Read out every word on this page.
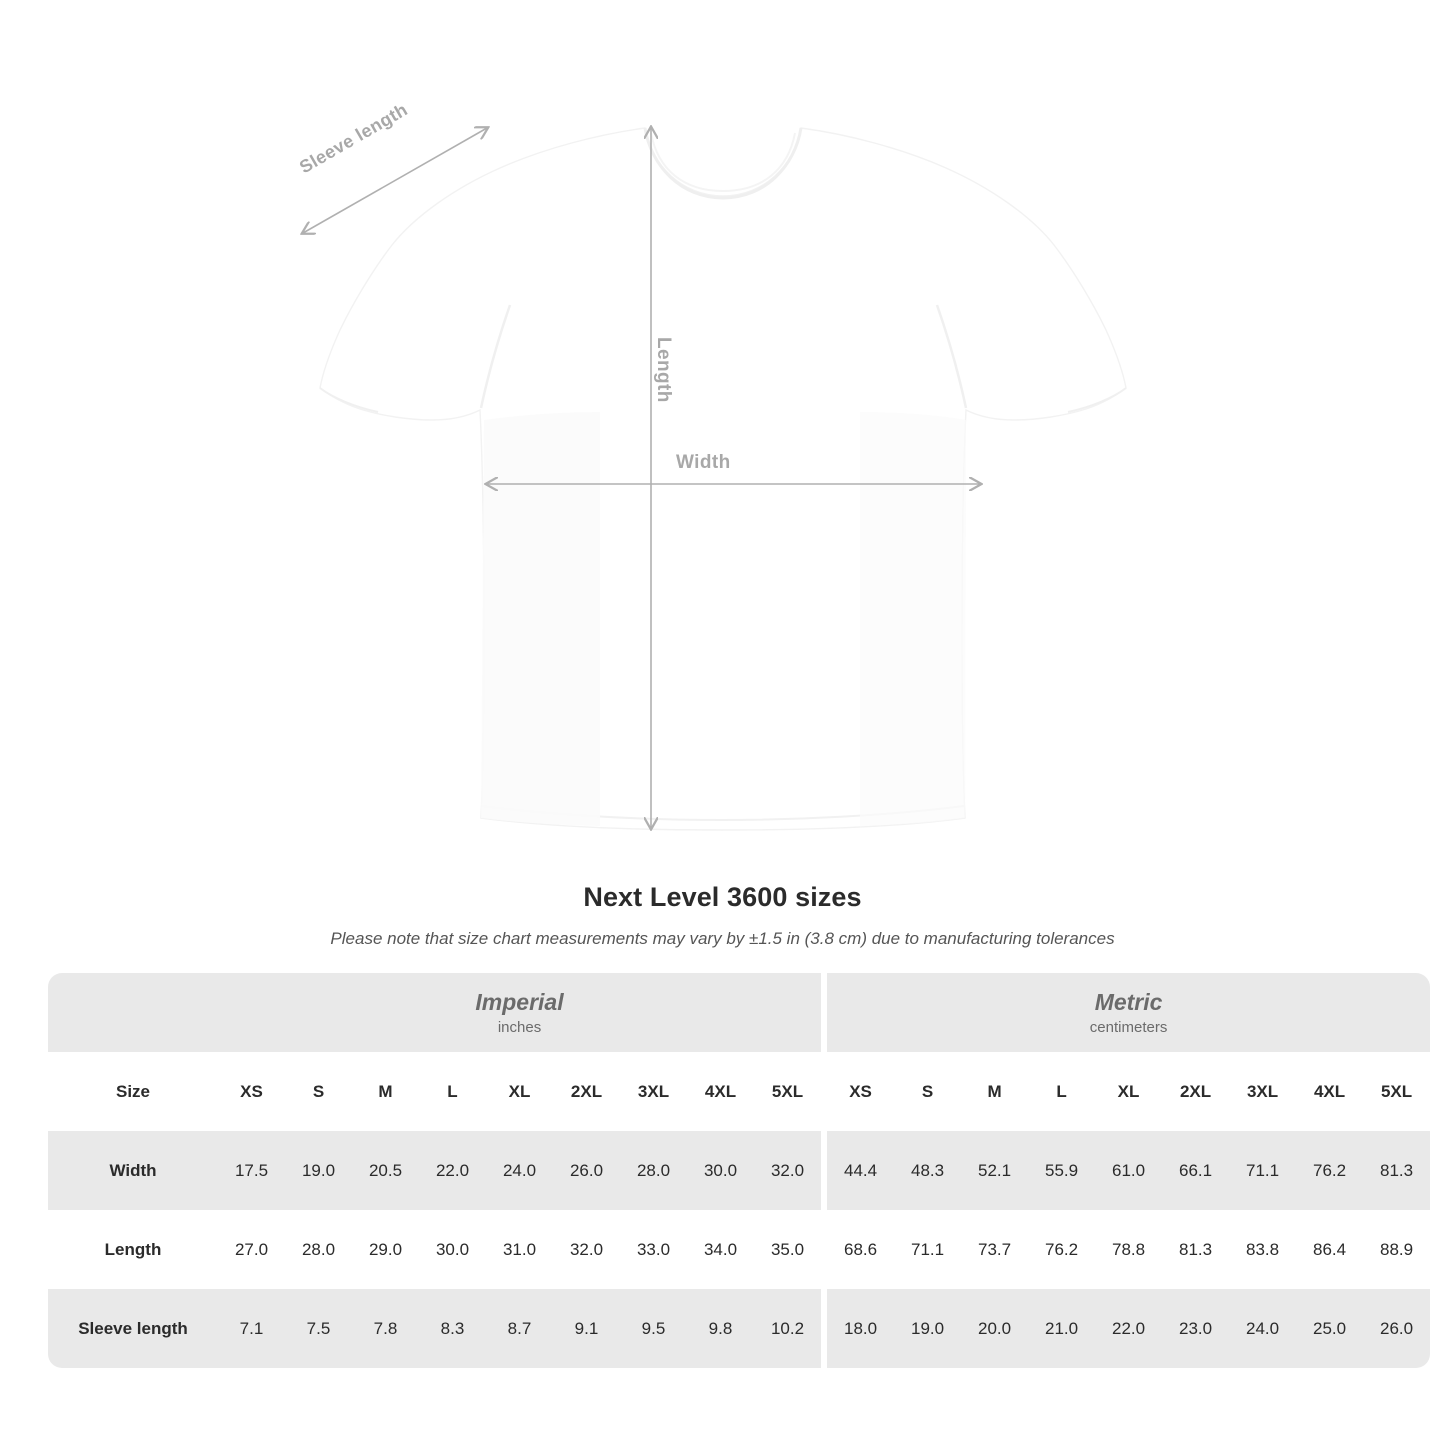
Sleeve length
Length
Width
Next Level 3600 sizes
Please note that size chart measurements may vary by ±1.5 in (3.8 cm) due to manufacturing tolerances

Imperial
inches

Metric
centimeters

Size	XS	S	M	L	XL	2XL	3XL	4XL	5XL		XS	S	M	L	XL	2XL	3XL	4XL	5XL
Width	17.5	19.0	20.5	22.0	24.0	26.0	28.0	30.0	32.0		44.4	48.3	52.1	55.9	61.0	66.1	71.1	76.2	81.3
Length	27.0	28.0	29.0	30.0	31.0	32.0	33.0	34.0	35.0		68.6	71.1	73.7	76.2	78.8	81.3	83.8	86.4	88.9
Sleeve length	7.1	7.5	7.8	8.3	8.7	9.1	9.5	9.8	10.2		18.0	19.0	20.0	21.0	22.0	23.0	24.0	25.0	26.0
